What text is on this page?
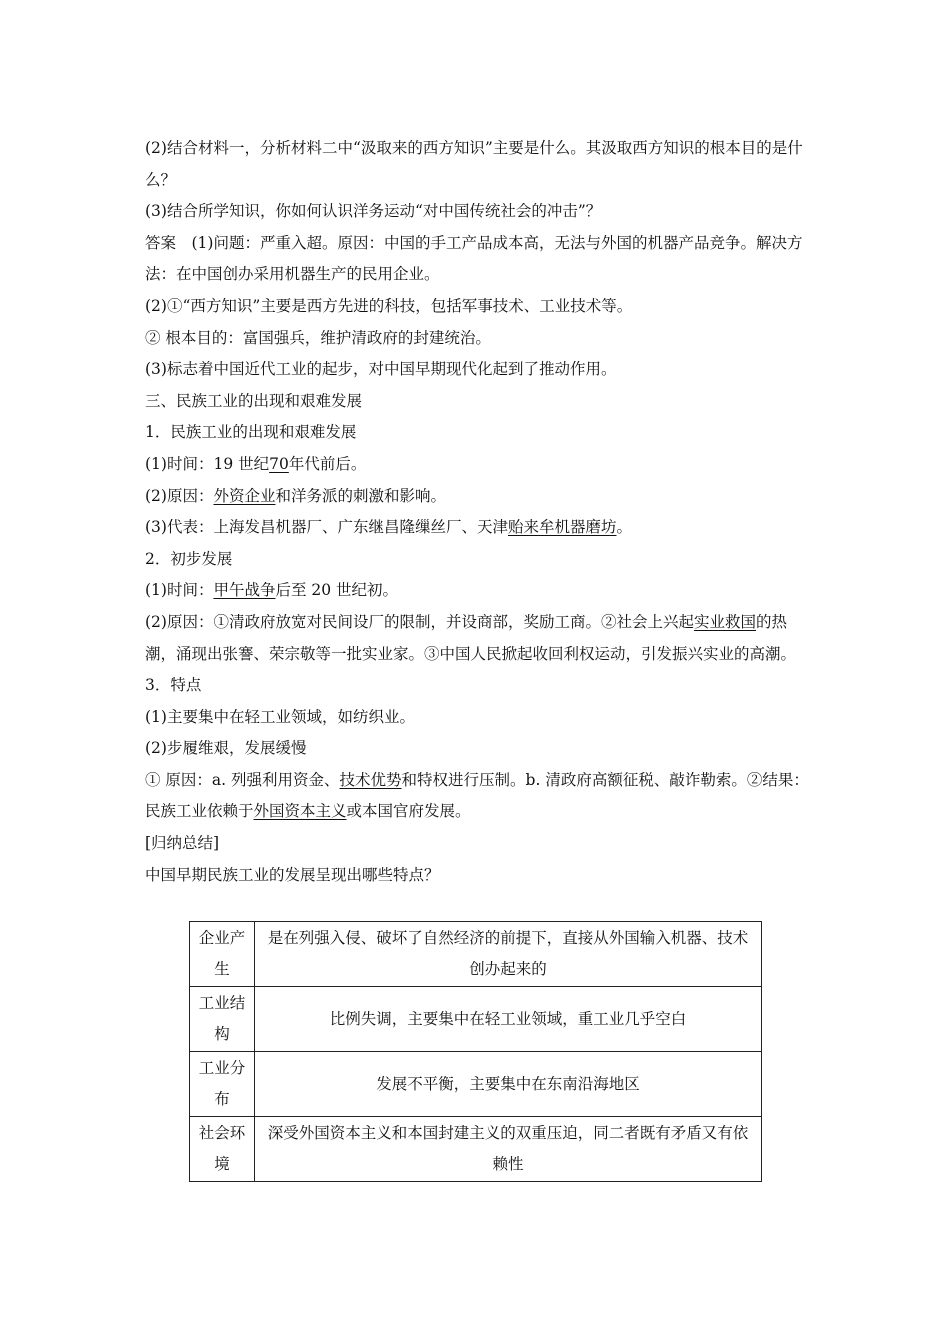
(2)结合材料一，分析材料二中“汲取来的西方知识”主要是什么。其汲取西方知识的根本目的是什么？

(3)结合所学知识，你如何认识洋务运动“对中国传统社会的冲击”？

答案　(1)问题：严重入超。原因：中国的手工产品成本高，无法与外国的机器产品竞争。解决方法：在中国创办采用机器生产的民用企业。

(2)①“西方知识”主要是西方先进的科技，包括军事技术、工业技术等。

② 根本目的：富国强兵，维护清政府的封建统治。

(3)标志着中国近代工业的起步，对中国早期现代化起到了推动作用。

三、民族工业的出现和艰难发展

1．民族工业的出现和艰难发展

(1)时间：19 世纪70年代前后。

(2)原因：外资企业和洋务派的刺激和影响。

(3)代表：上海发昌机器厂、广东继昌隆缫丝厂、天津贻来牟机器磨坊。

2．初步发展

(1)时间：甲午战争后至 20 世纪初。

(2)原因：①清政府放宽对民间设厂的限制，并设商部，奖励工商。②社会上兴起实业救国的热潮，涌现出张謇、荣宗敬等一批实业家。③中国人民掀起收回利权运动，引发振兴实业的高潮。

3．特点

(1)主要集中在轻工业领域，如纺织业。

(2)步履维艰，发展缓慢

① 原因：a. 列强利用资金、技术优势和特权进行压制。b. 清政府高额征税、敲诈勒索。②结果：民族工业依赖于外国资本主义或本国官府发展。

[归纳总结]

中国早期民族工业的发展呈现出哪些特点？

企业产生	是在列强入侵、破坏了自然经济的前提下，直接从外国输入机器、技术创办起来的
工业结构	比例失调，主要集中在轻工业领域，重工业几乎空白
工业分布	发展不平衡，主要集中在东南沿海地区
社会环境	深受外国资本主义和本国封建主义的双重压迫，同二者既有矛盾又有依赖性
